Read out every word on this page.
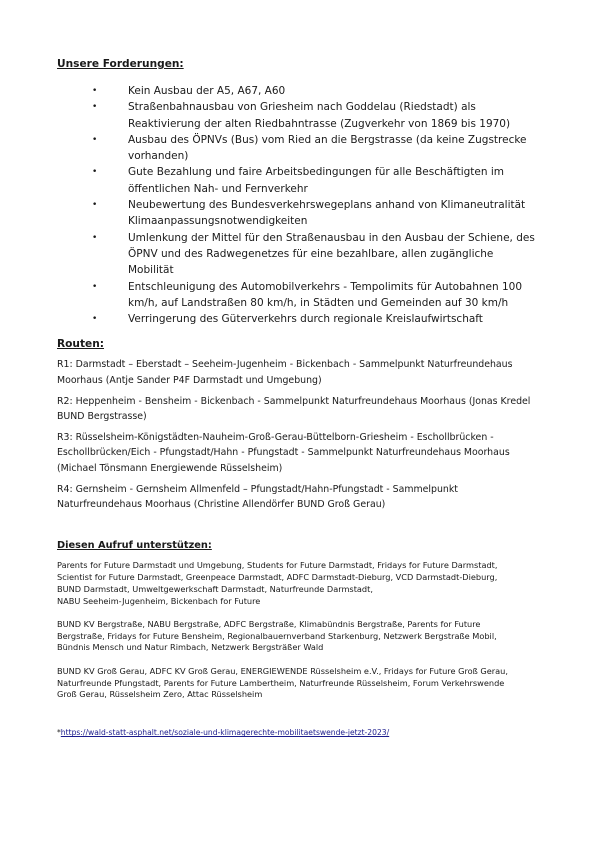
Unsere Forderungen:

•	Kein Ausbau der A5, A67, A60
•	Straßenbahnausbau von Griesheim nach Goddelau (Riedstadt) als
Reaktivierung der alten Riedbahntrasse (Zugverkehr von 1869 bis 1970)
•	Ausbau des ÖPNVs (Bus) vom Ried an die Bergstrasse (da keine Zugstrecke
vorhanden)
•	Gute Bezahlung und faire Arbeitsbedingungen für alle Beschäftigten im
öffentlichen Nah- und Fernverkehr
•	Neubewertung des Bundesverkehrswegeplans anhand von Klimaneutralität
Klimaanpassungsnotwendigkeiten
•	Umlenkung der Mittel für den Straßenausbau in den Ausbau der Schiene, des
ÖPNV und des Radwegenetzes für eine bezahlbare, allen zugängliche
Mobilität
•	Entschleunigung des Automobilverkehrs - Tempolimits für Autobahnen 100
km/h, auf Landstraßen 80 km/h, in Städten und Gemeinden auf 30 km/h
•	Verringerung des Güterverkehrs durch regionale Kreislaufwirtschaft

Routen:

R1: Darmstadt – Eberstadt – Seeheim-Jugenheim - Bickenbach - Sammelpunkt Naturfreundehaus
Moorhaus (Antje Sander P4F Darmstadt und Umgebung)

R2: Heppenheim - Bensheim - Bickenbach - Sammelpunkt Naturfreundehaus Moorhaus (Jonas Kredel
BUND Bergstrasse)

R3: Rüsselsheim-Königstädten-Nauheim-Groß-Gerau-Büttelborn-Griesheim - Eschollbrücken -
Eschollbrücken/Eich - Pfungstadt/Hahn - Pfungstadt - Sammelpunkt Naturfreundehaus Moorhaus
(Michael Tönsmann Energiewende Rüsselsheim)

R4: Gernsheim - Gernsheim Allmenfeld – Pfungstadt/Hahn-Pfungstadt - Sammelpunkt
Naturfreundehaus Moorhaus (Christine Allendörfer BUND Groß Gerau)

Diesen Aufruf unterstützen:

Parents for Future Darmstadt und Umgebung, Students for Future Darmstadt, Fridays for Future Darmstadt,
Scientist for Future Darmstadt, Greenpeace Darmstadt, ADFC Darmstadt-Dieburg, VCD Darmstadt-Dieburg,
BUND Darmstadt, Umweltgewerkschaft Darmstadt, Naturfreunde Darmstadt,
NABU Seeheim-Jugenheim, Bickenbach for Future

BUND KV Bergstraße, NABU Bergstraße, ADFC Bergstraße, Klimabündnis Bergstraße, Parents for Future
Bergstraße, Fridays for Future Bensheim, Regionalbauernverband Starkenburg, Netzwerk Bergstraße Mobil,
Bündnis Mensch und Natur Rimbach, Netzwerk Bergsträßer Wald

BUND KV Groß Gerau, ADFC KV Groß Gerau, ENERGIEWENDE Rüsselsheim e.V., Fridays for Future Groß Gerau,
Naturfreunde Pfungstadt, Parents for Future Lambertheim, Naturfreunde Rüsselsheim, Forum Verkehrswende
Groß Gerau, Rüsselsheim Zero, Attac Rüsselsheim

*https://wald-statt-asphalt.net/soziale-und-klimagerechte-mobilitaetswende-jetzt-2023/
